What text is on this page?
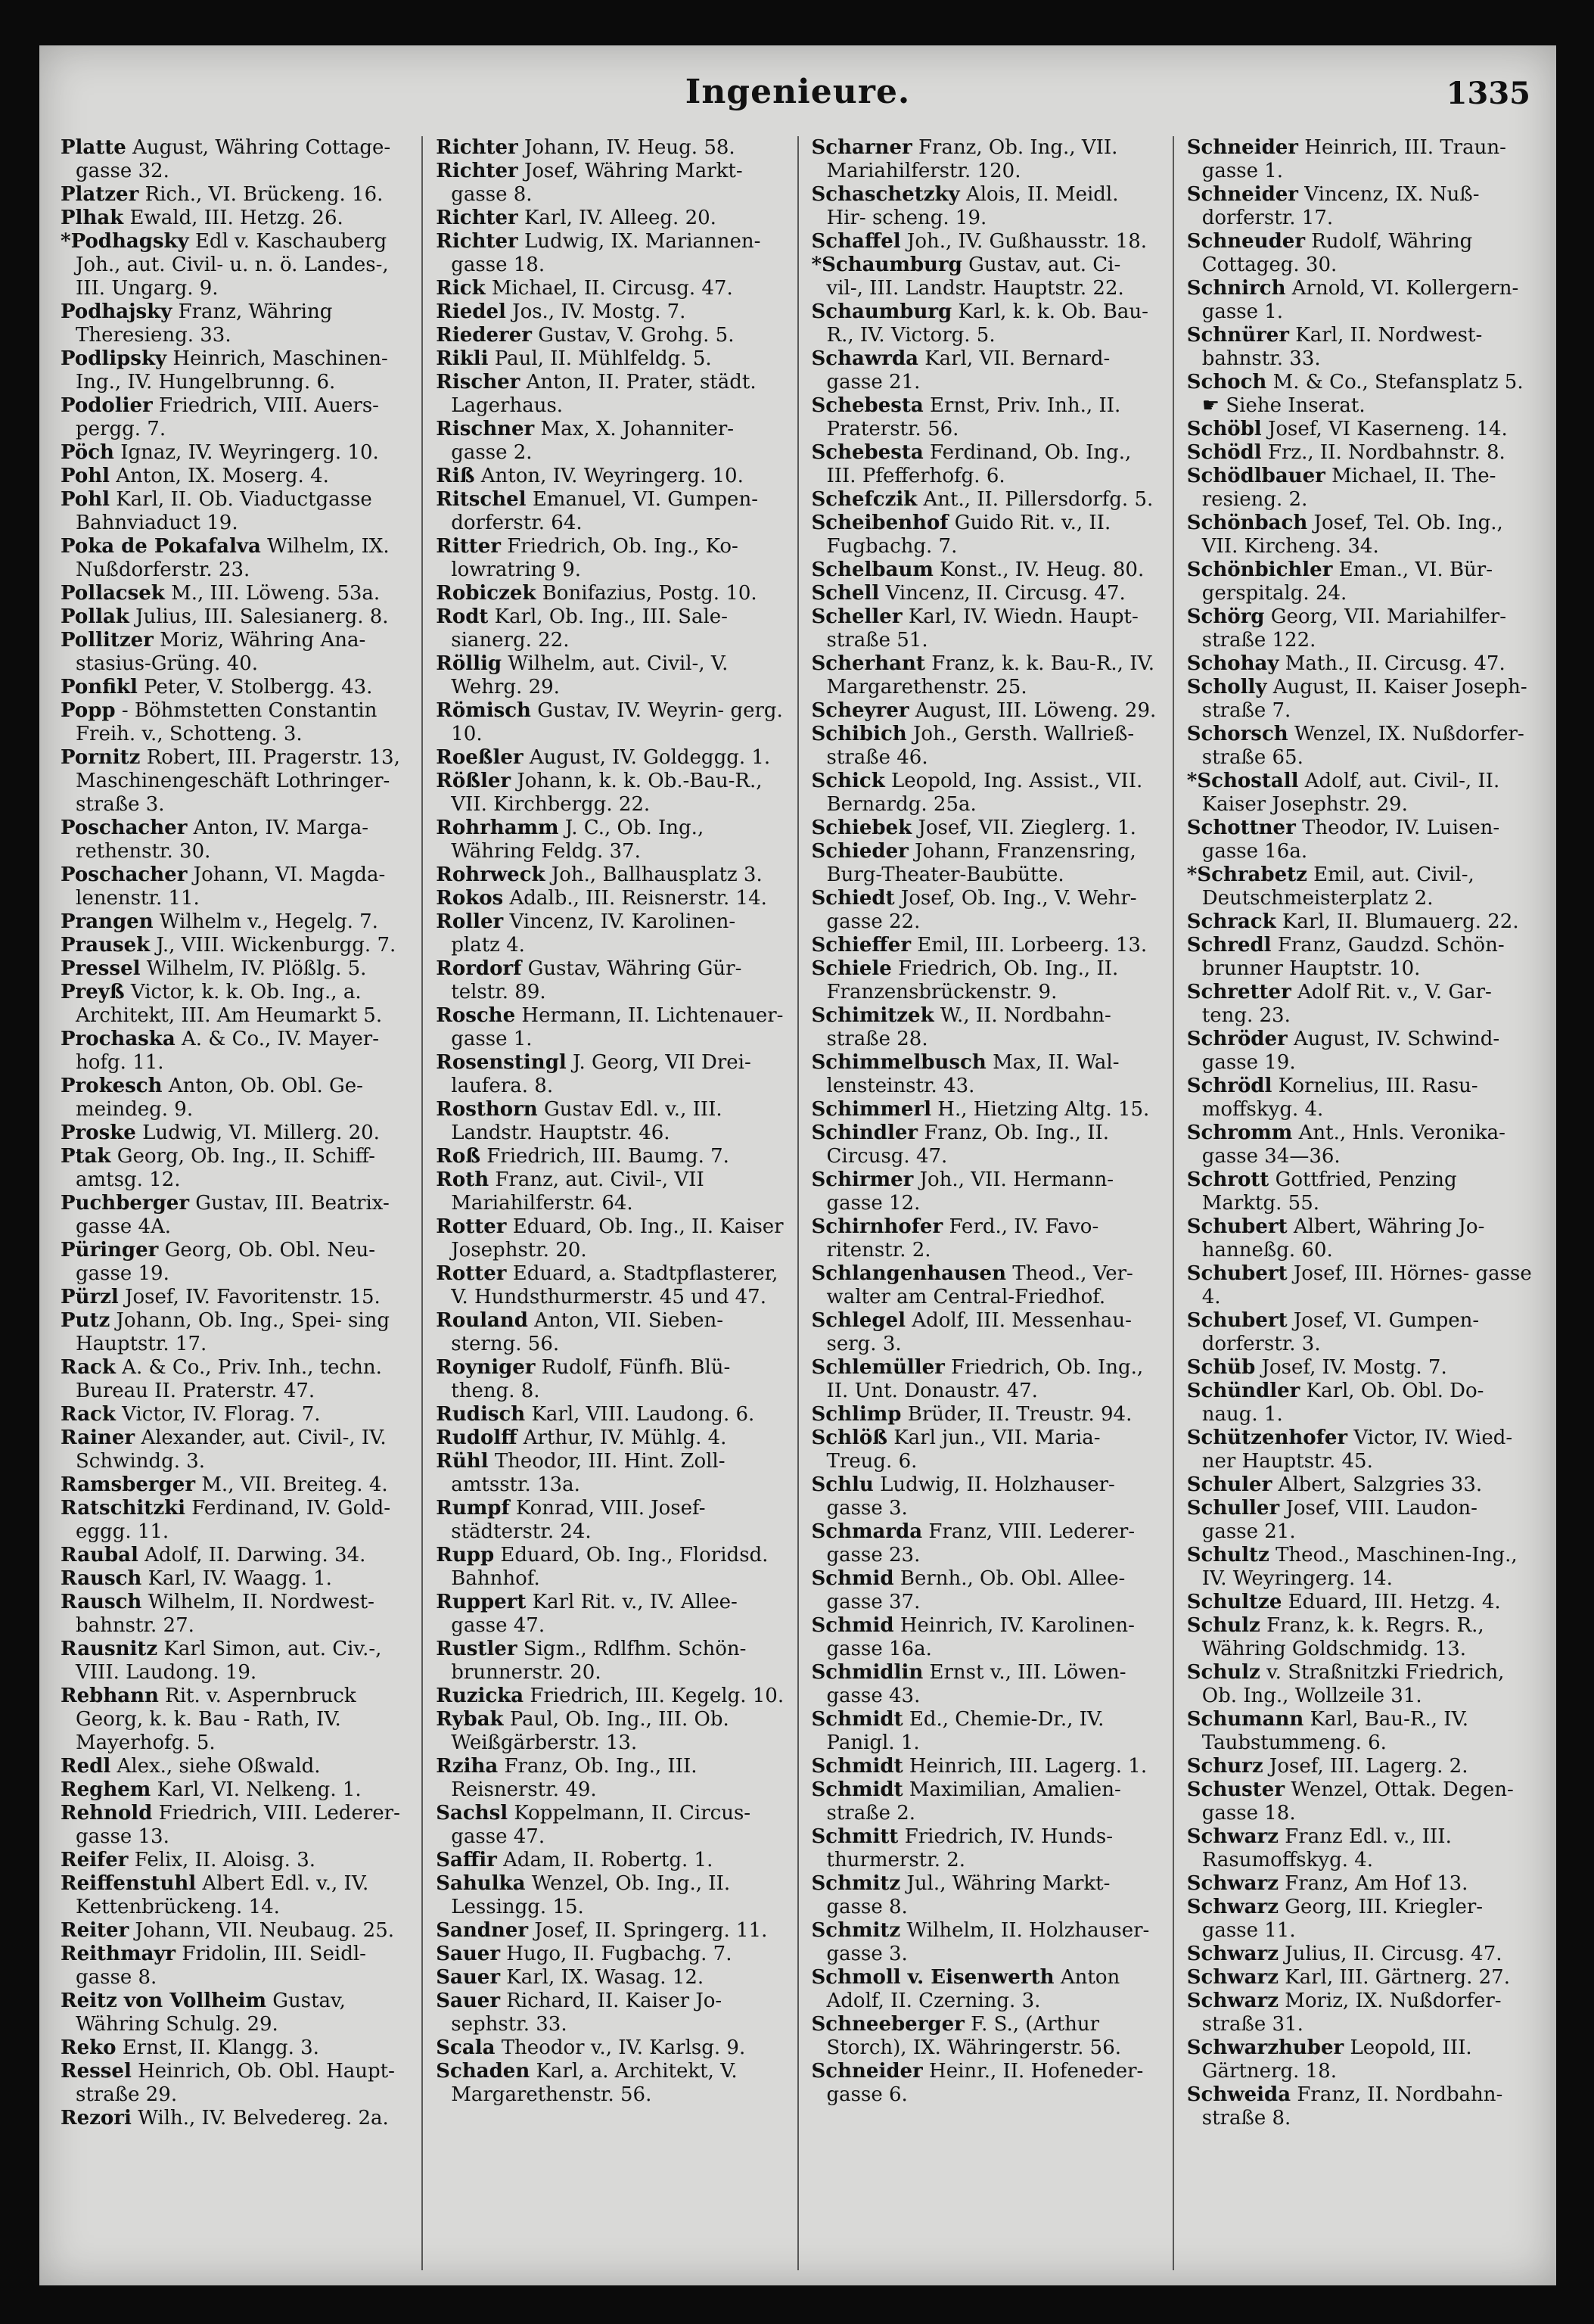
Ingenieure.	1335
Platte August, Währing Cottage- gasse 32.
Platzer Rich., VI. Brückeng. 16.
Plhak Ewald, III. Hetzg. 26.
*Podhagsky Edl v. Kaschauberg Joh., aut. Civil- u. n. ö. Landes-, III. Ungarg. 9.
Podhajsky Franz, Währing Theresieng. 33.
Podlipsky Heinrich, Maschinen- Ing., IV. Hungelbrunng. 6.
Podolier Friedrich, VIII. Auers- pergg. 7.
Pöch Ignaz, IV. Weyringerg. 10.
Pohl Anton, IX. Moserg. 4.
Pohl Karl, II. Ob. Viaductgasse Bahnviaduct 19.
Poka de Pokafalva Wilhelm, IX. Nußdorferstr. 23.
Pollacsek M., III. Löweng. 53a.
Pollak Julius, III. Salesianerg. 8.
Pollitzer Moriz, Währing Ana- stasius-Grüng. 40.
Ponfikl Peter, V. Stolbergg. 43.
Popp - Böhmstetten Constantin Freih. v., Schotteng. 3.
Pornitz Robert, III. Pragerstr. 13, Maschinengeschäft Lothringer- straße 3.
Poschacher Anton, IV. Marga- rethenstr. 30.
Poschacher Johann, VI. Magda- lenenstr. 11.
Prangen Wilhelm v., Hegelg. 7.
Prausek J., VIII. Wickenburgg. 7.
Pressel Wilhelm, IV. Plößlg. 5.
Preyß Victor, k. k. Ob. Ing., a. Architekt, III. Am Heumarkt 5.
Prochaska A. & Co., IV. Mayer- hofg. 11.
Prokesch Anton, Ob. Obl. Ge- meindeg. 9.
Proske Ludwig, VI. Millerg. 20.
Ptak Georg, Ob. Ing., II. Schiff- amtsg. 12.
Puchberger Gustav, III. Beatrix- gasse 4A.
Püringer Georg, Ob. Obl. Neu- gasse 19.
Pürzl Josef, IV. Favoritenstr. 15.
Putz Johann, Ob. Ing., Spei- sing Hauptstr. 17.
Rack A. & Co., Priv. Inh., techn. Bureau II. Praterstr. 47.
Rack Victor, IV. Florag. 7.
Rainer Alexander, aut. Civil-, IV. Schwindg. 3.
Ramsberger M., VII. Breiteg. 4.
Ratschitzki Ferdinand, IV. Gold- eggg. 11.
Raubal Adolf, II. Darwing. 34.
Rausch Karl, IV. Waagg. 1.
Rausch Wilhelm, II. Nordwest- bahnstr. 27.
Rausnitz Karl Simon, aut. Civ.-, VIII. Laudong. 19.
Rebhann Rit. v. Aspernbruck Georg, k. k. Bau - Rath, IV. Mayerhofg. 5.
Redl Alex., siehe Oßwald.
Reghem Karl, VI. Nelkeng. 1.
Rehnold Friedrich, VIII. Lederer- gasse 13.
Reifer Felix, II. Aloisg. 3.
Reiffenstuhl Albert Edl. v., IV. Kettenbrückeng. 14.
Reiter Johann, VII. Neubaug. 25.
Reithmayr Fridolin, III. Seidl- gasse 8.
Reitz von Vollheim Gustav, Währing Schulg. 29.
Reko Ernst, II. Klangg. 3.
Ressel Heinrich, Ob. Obl. Haupt- straße 29.
Rezori Wilh., IV. Belvedereg. 2a.
Richter Johann, IV. Heug. 58.
Richter Josef, Währing Markt- gasse 8.
Richter Karl, IV. Alleeg. 20.
Richter Ludwig, IX. Mariannen- gasse 18.
Rick Michael, II. Circusg. 47.
Riedel Jos., IV. Mostg. 7.
Riederer Gustav, V. Grohg. 5.
Rikli Paul, II. Mühlfeldg. 5.
Rischer Anton, II. Prater, städt. Lagerhaus.
Rischner Max, X. Johanniter- gasse 2.
Riß Anton, IV. Weyringerg. 10.
Ritschel Emanuel, VI. Gumpen- dorferstr. 64.
Ritter Friedrich, Ob. Ing., Ko- lowratring 9.
Robiczek Bonifazius, Postg. 10.
Rodt Karl, Ob. Ing., III. Sale- sianerg. 22.
Röllig Wilhelm, aut. Civil-, V. Wehrg. 29.
Römisch Gustav, IV. Weyrin- gerg. 10.
Roeßler August, IV. Goldeggg. 1.
Rößler Johann, k. k. Ob.-Bau-R., VII. Kirchbergg. 22.
Rohrhamm J. C., Ob. Ing., Währing Feldg. 37.
Rohrweck Joh., Ballhausplatz 3.
Rokos Adalb., III. Reisnerstr. 14.
Roller Vincenz, IV. Karolinen- platz 4.
Rordorf Gustav, Währing Gür- telstr. 89.
Rosche Hermann, II. Lichtenauer- gasse 1.
Rosenstingl J. Georg, VII Drei- laufera. 8.
Rosthorn Gustav Edl. v., III. Landstr. Hauptstr. 46.
Roß Friedrich, III. Baumg. 7.
Roth Franz, aut. Civil-, VII Mariahilferstr. 64.
Rotter Eduard, Ob. Ing., II. Kaiser Josephstr. 20.
Rotter Eduard, a. Stadtpflasterer, V. Hundsthurmerstr. 45 und 47.
Rouland Anton, VII. Sieben- sterng. 56.
Royniger Rudolf, Fünfh. Blü- theng. 8.
Rudisch Karl, VIII. Laudong. 6.
Rudolff Arthur, IV. Mühlg. 4.
Rühl Theodor, III. Hint. Zoll- amtsstr. 13a.
Rumpf Konrad, VIII. Josef- städterstr. 24.
Rupp Eduard, Ob. Ing., Floridsd. Bahnhof.
Ruppert Karl Rit. v., IV. Allee- gasse 47.
Rustler Sigm., Rdlfhm. Schön- brunnerstr. 20.
Ruzicka Friedrich, III. Kegelg. 10.
Rybak Paul, Ob. Ing., III. Ob. Weißgärberstr. 13.
Rziha Franz, Ob. Ing., III. Reisnerstr. 49.
Sachsl Koppelmann, II. Circus- gasse 47.
Saffir Adam, II. Robertg. 1.
Sahulka Wenzel, Ob. Ing., II. Lessingg. 15.
Sandner Josef, II. Springerg. 11.
Sauer Hugo, II. Fugbachg. 7.
Sauer Karl, IX. Wasag. 12.
Sauer Richard, II. Kaiser Jo- sephstr. 33.
Scala Theodor v., IV. Karlsg. 9.
Schaden Karl, a. Architekt, V. Margarethenstr. 56.
Scharner Franz, Ob. Ing., VII. Mariahilferstr. 120.
Schaschetzky Alois, II. Meidl. Hir- scheng. 19.
Schaffel Joh., IV. Gußhausstr. 18.
*Schaumburg Gustav, aut. Ci- vil-, III. Landstr. Hauptstr. 22.
Schaumburg Karl, k. k. Ob. Bau- R., IV. Victorg. 5.
Schawrda Karl, VII. Bernard- gasse 21.
Schebesta Ernst, Priv. Inh., II. Praterstr. 56.
Schebesta Ferdinand, Ob. Ing., III. Pfefferhofg. 6.
Schefczik Ant., II. Pillersdorfg. 5.
Scheibenhof Guido Rit. v., II. Fugbachg. 7.
Schelbaum Konst., IV. Heug. 80.
Schell Vincenz, II. Circusg. 47.
Scheller Karl, IV. Wiedn. Haupt- straße 51.
Scherhant Franz, k. k. Bau-R., IV. Margarethenstr. 25.
Scheyrer August, III. Löweng. 29.
Schibich Joh., Gersth. Wallrieß- straße 46.
Schick Leopold, Ing. Assist., VII. Bernardg. 25a.
Schiebek Josef, VII. Zieglerg. 1.
Schieder Johann, Franzensring, Burg-Theater-Baubütte.
Schiedt Josef, Ob. Ing., V. Wehr- gasse 22.
Schieffer Emil, III. Lorbeerg. 13.
Schiele Friedrich, Ob. Ing., II. Franzensbrückenstr. 9.
Schimitzek W., II. Nordbahn- straße 28.
Schimmelbusch Max, II. Wal- lensteinstr. 43.
Schimmerl H., Hietzing Altg. 15.
Schindler Franz, Ob. Ing., II. Circusg. 47.
Schirmer Joh., VII. Hermann- gasse 12.
Schirnhofer Ferd., IV. Favo- ritenstr. 2.
Schlangenhausen Theod., Ver- walter am Central-Friedhof.
Schlegel Adolf, III. Messenhau- serg. 3.
Schlemüller Friedrich, Ob. Ing., II. Unt. Donaustr. 47.
Schlimp Brüder, II. Treustr. 94.
Schlöß Karl jun., VII. Maria- Treug. 6.
Schlu Ludwig, II. Holzhauser- gasse 3.
Schmarda Franz, VIII. Lederer- gasse 23.
Schmid Bernh., Ob. Obl. Allee- gasse 37.
Schmid Heinrich, IV. Karolinen- gasse 16a.
Schmidlin Ernst v., III. Löwen- gasse 43.
Schmidt Ed., Chemie-Dr., IV. Panigl. 1.
Schmidt Heinrich, III. Lagerg. 1.
Schmidt Maximilian, Amalien- straße 2.
Schmitt Friedrich, IV. Hunds- thurmerstr. 2.
Schmitz Jul., Währing Markt- gasse 8.
Schmitz Wilhelm, II. Holzhauser- gasse 3.
Schmoll v. Eisenwerth Anton Adolf, II. Czerning. 3.
Schneeberger F. S., (Arthur Storch), IX. Währingerstr. 56.
Schneider Heinr., II. Hofeneder- gasse 6.
Schneider Heinrich, III. Traun- gasse 1.
Schneider Vincenz, IX. Nuß- dorferstr. 17.
Schneuder Rudolf, Währing Cottageg. 30.
Schnirch Arnold, VI. Kollergern- gasse 1.
Schnürer Karl, II. Nordwest- bahnstr. 33.
Schoch M. & Co., Stefansplatz 5. ☛ Siehe Inserat.
Schöbl Josef, VI Kaserneng. 14.
Schödl Frz., II. Nordbahnstr. 8.
Schödlbauer Michael, II. The- resieng. 2.
Schönbach Josef, Tel. Ob. Ing., VII. Kircheng. 34.
Schönbichler Eman., VI. Bür- gerspitalg. 24.
Schörg Georg, VII. Mariahilfer- straße 122.
Schohay Math., II. Circusg. 47.
Scholly August, II. Kaiser Joseph- straße 7.
Schorsch Wenzel, IX. Nußdorfer- straße 65.
*Schostall Adolf, aut. Civil-, II. Kaiser Josephstr. 29.
Schottner Theodor, IV. Luisen- gasse 16a.
*Schrabetz Emil, aut. Civil-, Deutschmeisterplatz 2.
Schrack Karl, II. Blumauerg. 22.
Schredl Franz, Gaudzd. Schön- brunner Hauptstr. 10.
Schretter Adolf Rit. v., V. Gar- teng. 23.
Schröder August, IV. Schwind- gasse 19.
Schrödl Kornelius, III. Rasu- moffskyg. 4.
Schromm Ant., Hnls. Veronika- gasse 34—36.
Schrott Gottfried, Penzing Marktg. 55.
Schubert Albert, Währing Jo- hanneßg. 60.
Schubert Josef, III. Hörnes- gasse 4.
Schubert Josef, VI. Gumpen- dorferstr. 3.
Schüb Josef, IV. Mostg. 7.
Schündler Karl, Ob. Obl. Do- naug. 1.
Schützenhofer Victor, IV. Wied- ner Hauptstr. 45.
Schuler Albert, Salzgries 33.
Schuller Josef, VIII. Laudon- gasse 21.
Schultz Theod., Maschinen-Ing., IV. Weyringerg. 14.
Schultze Eduard, III. Hetzg. 4.
Schulz Franz, k. k. Regrs. R., Währing Goldschmidg. 13.
Schulz v. Straßnitzki Friedrich, Ob. Ing., Wollzeile 31.
Schumann Karl, Bau-R., IV. Taubstummeng. 6.
Schurz Josef, III. Lagerg. 2.
Schuster Wenzel, Ottak. Degen- gasse 18.
Schwarz Franz Edl. v., III. Rasumoffskyg. 4.
Schwarz Franz, Am Hof 13.
Schwarz Georg, III. Kriegler- gasse 11.
Schwarz Julius, II. Circusg. 47.
Schwarz Karl, III. Gärtnerg. 27.
Schwarz Moriz, IX. Nußdorfer- straße 31.
Schwarzhuber Leopold, III. Gärtnerg. 18.
Schweida Franz, II. Nordbahn- straße 8.
